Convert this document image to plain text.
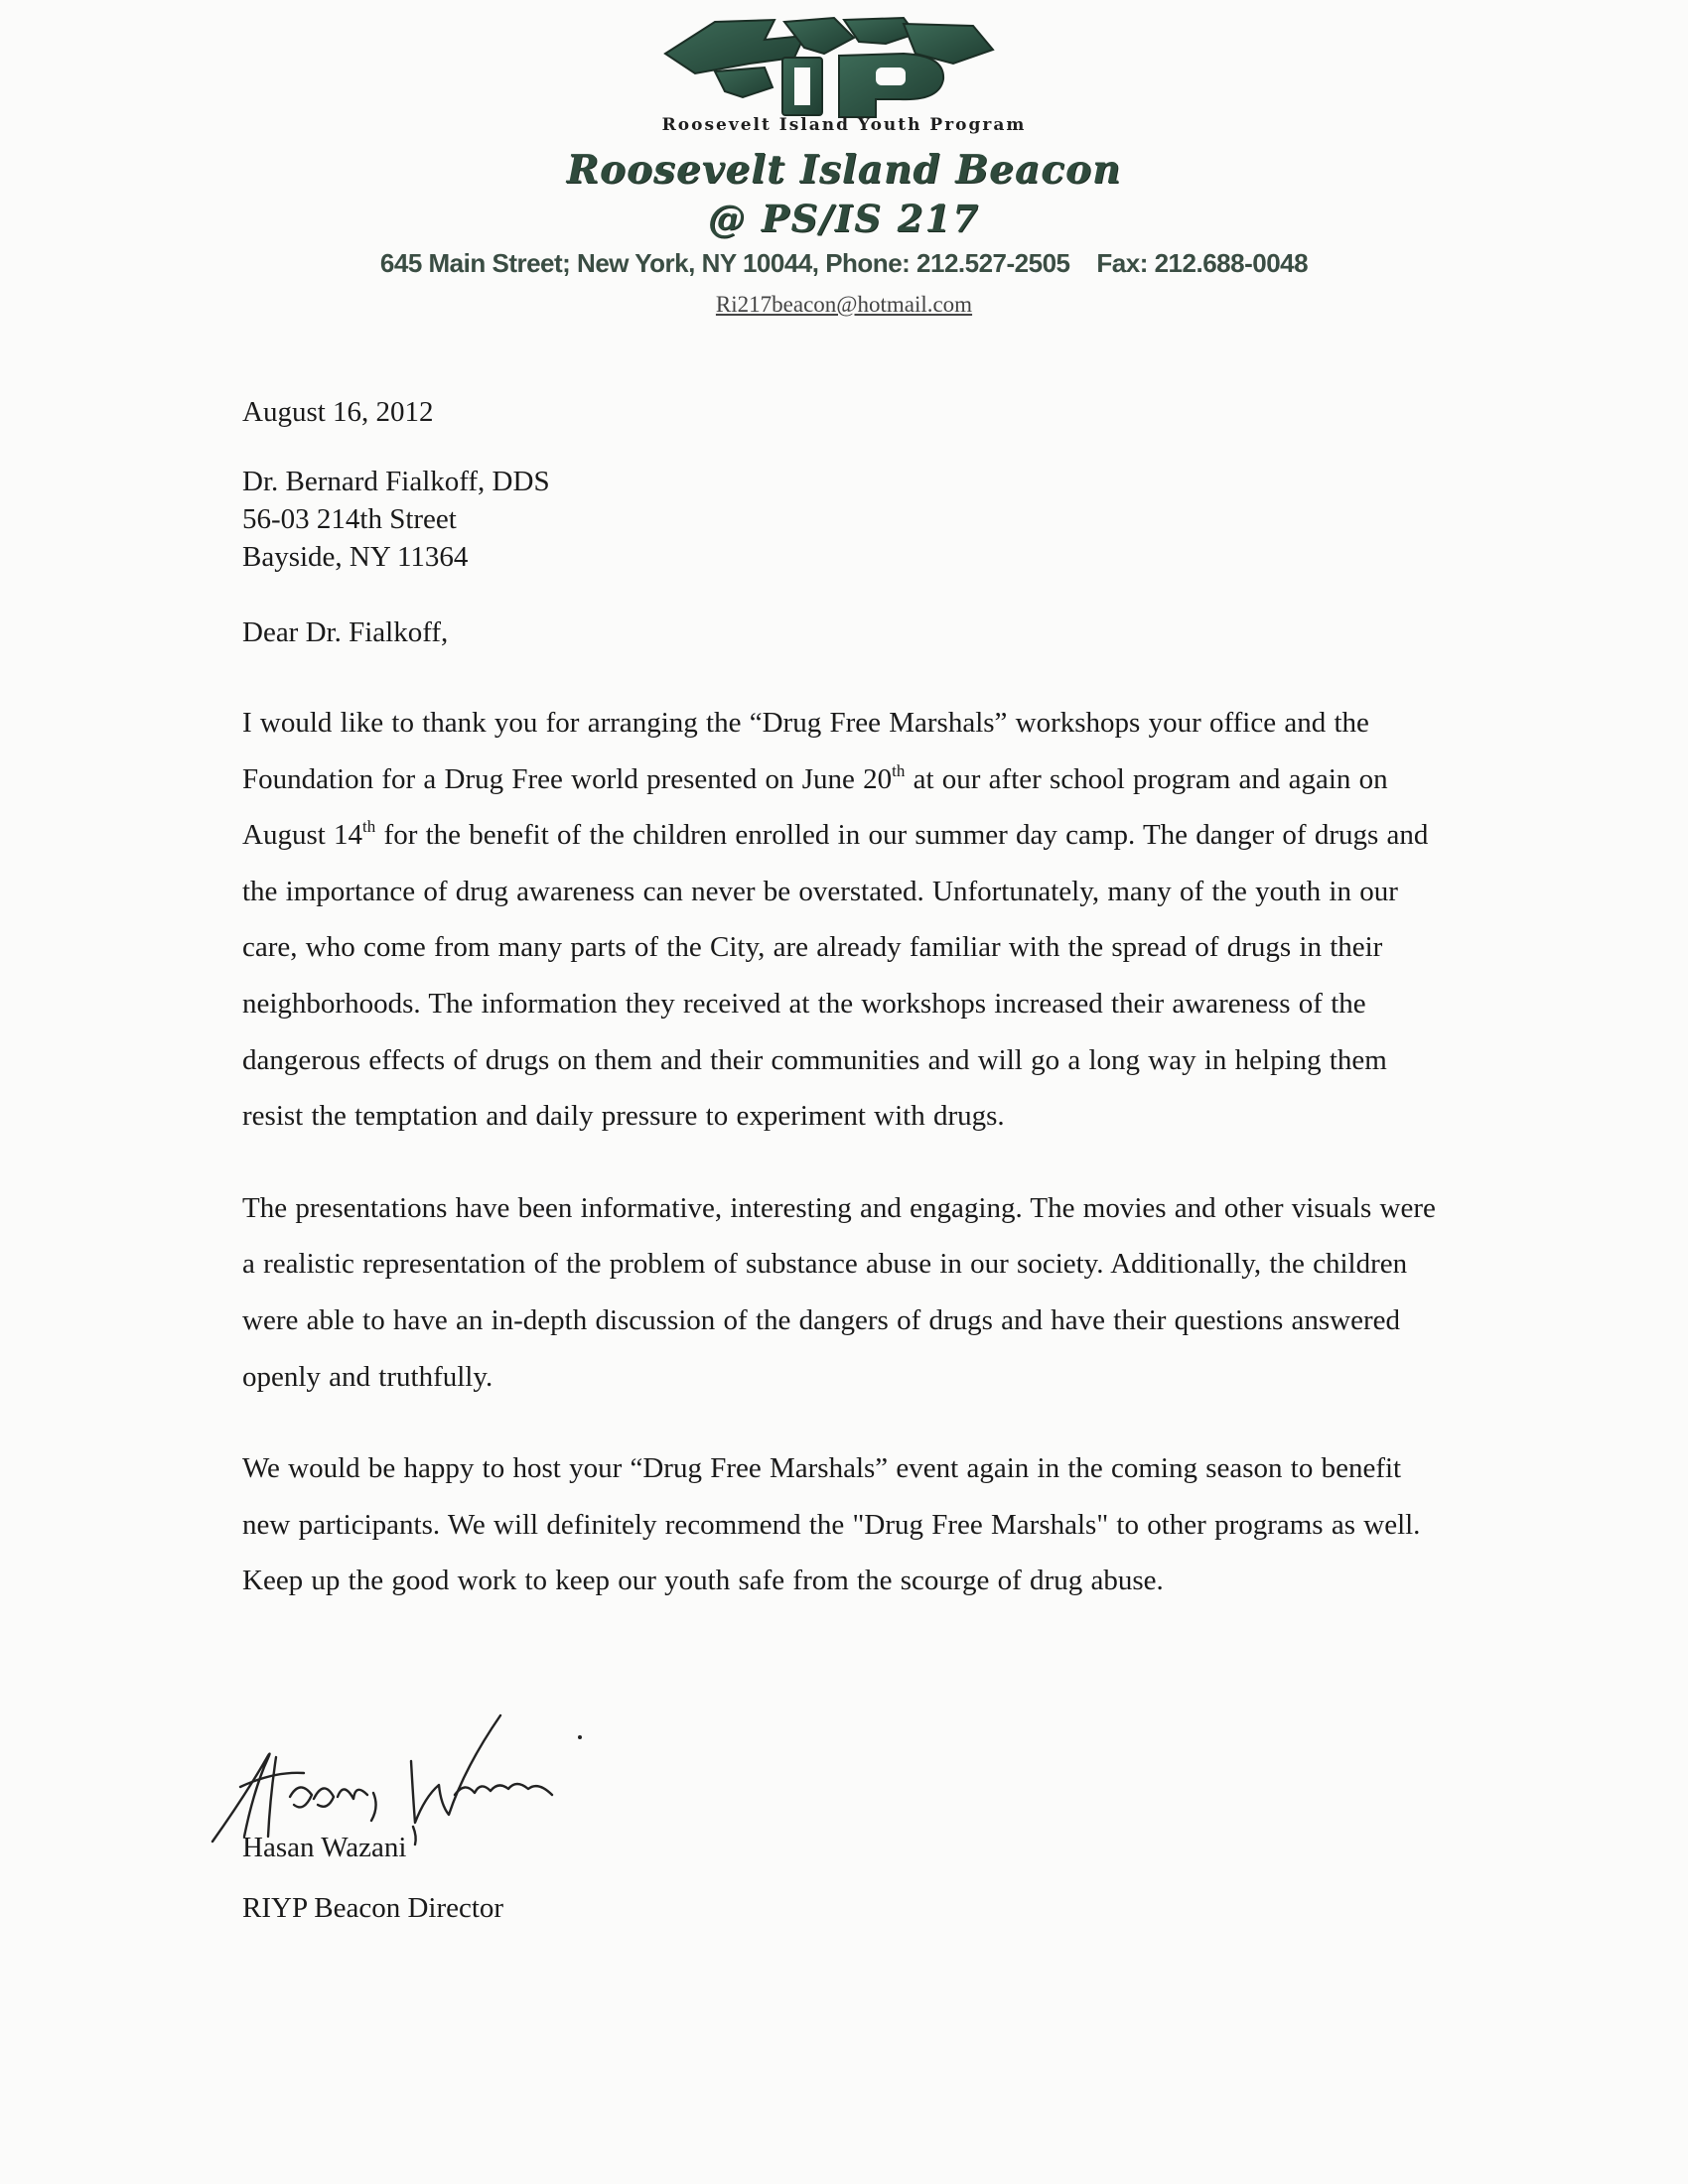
Roosevelt Island Youth Program
Roosevelt Island Beacon
@ PS/IS 217
645 Main Street; New York, NY 10044, Phone: 212.527-2505    Fax: 212.688-0048
Ri217beacon@hotmail.com
August 16, 2012
Dr. Bernard Fialkoff, DDS
56-03 214th Street
Bayside, NY 11364
Dear Dr. Fialkoff,

I would like to thank you for arranging the “Drug Free Marshals” workshops your office and the Foundation for a Drug Free world presented on June 20th at our after school program and again on August 14th for the benefit of the children enrolled in our summer day camp. The danger of drugs and the importance of drug awareness can never be overstated. Unfortunately, many of the youth in our care, who come from many parts of the City, are already familiar with the spread of drugs in their neighborhoods. The information they received at the workshops increased their awareness of the dangerous effects of drugs on them and their communities and will go a long way in helping them resist the temptation and daily pressure to experiment with drugs.

The presentations have been informative, interesting and engaging. The movies and other visuals were a realistic representation of the problem of substance abuse in our society. Additionally, the children were able to have an in-depth discussion of the dangers of drugs and have their questions answered openly and truthfully.

We would be happy to host your “Drug Free Marshals” event again in the coming season to benefit new participants. We will definitely recommend the "Drug Free Marshals" to other programs as well. Keep up the good work to keep our youth safe from the scourge of drug abuse.

Hasan Wazani
RIYP Beacon Director
